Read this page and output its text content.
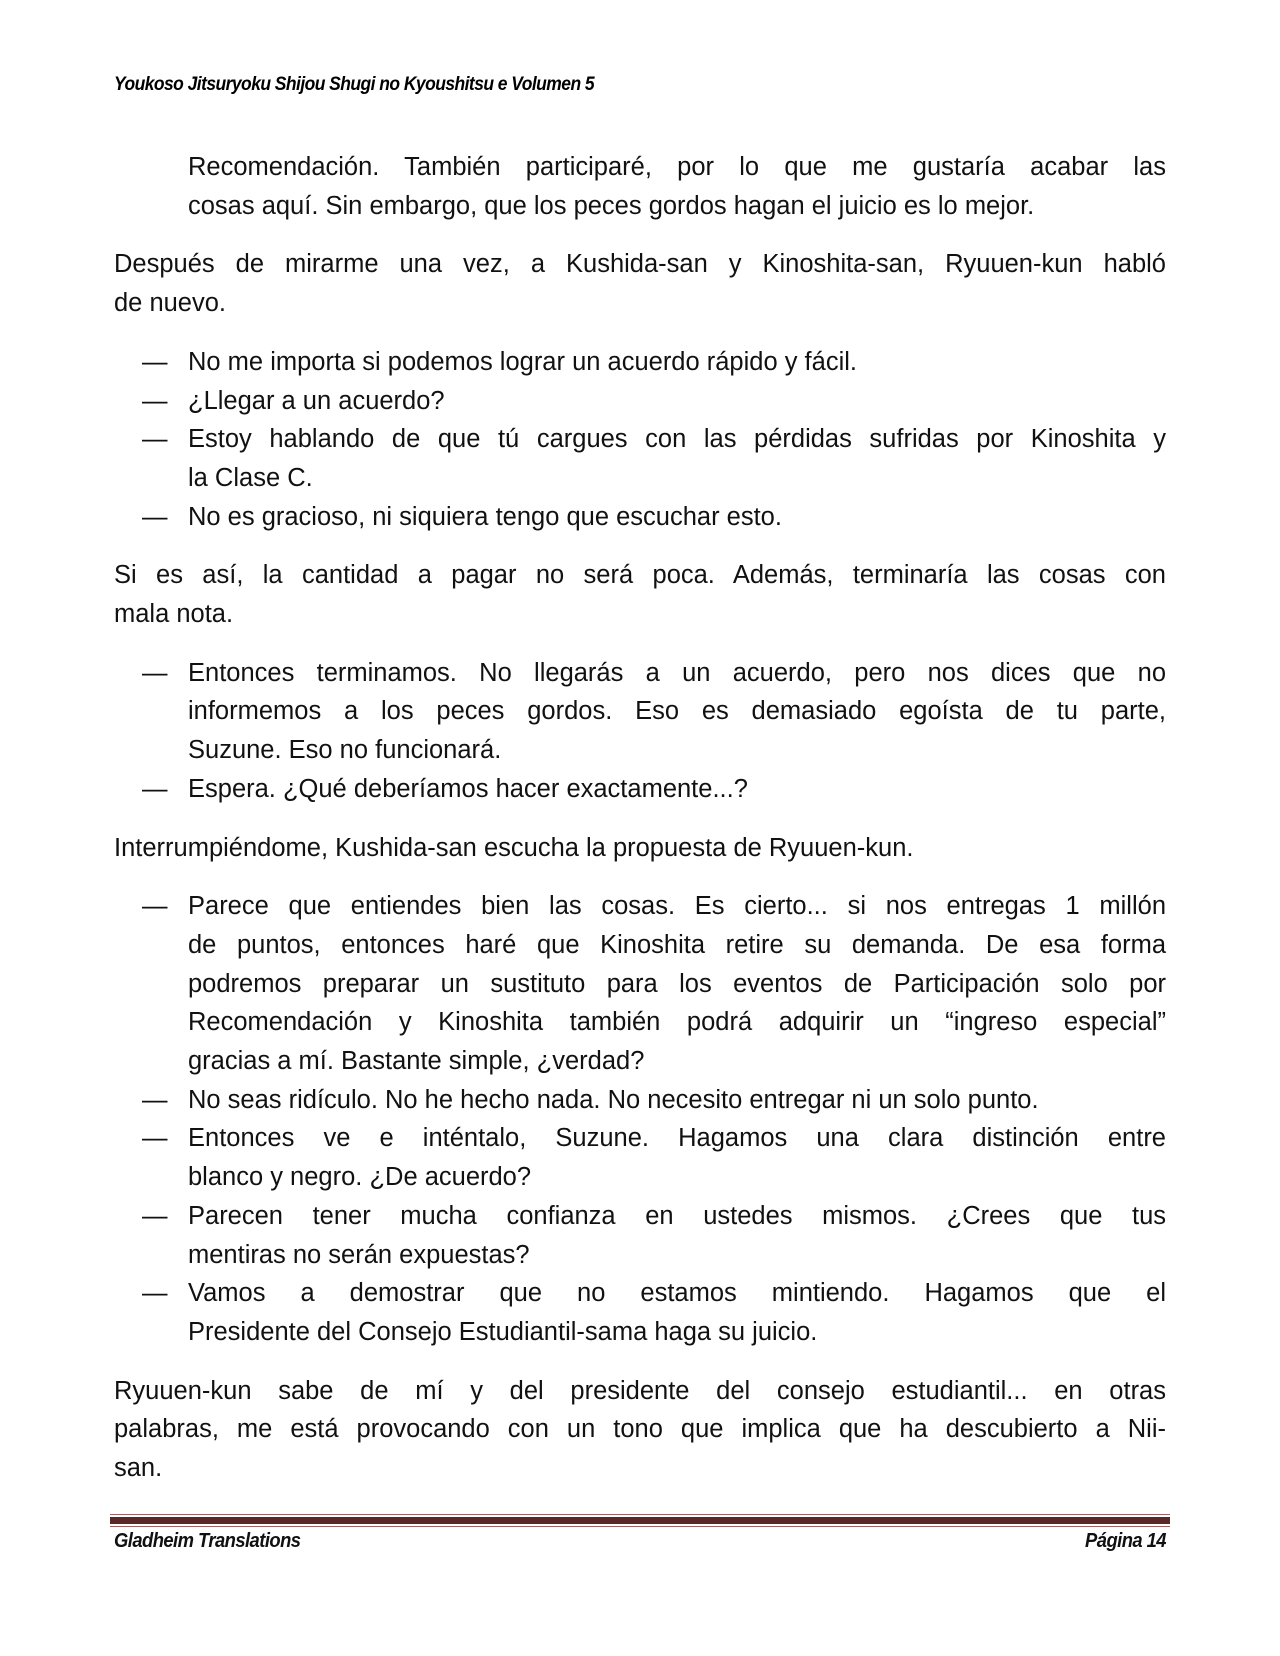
Youkoso Jitsuryoku Shijou Shugi no Kyoushitsu e Volumen 5
Recomendación. También participaré, por lo que me gustaría acabar las
cosas aquí. Sin embargo, que los peces gordos hagan el juicio es lo mejor.
Después de mirarme una vez, a Kushida-san y Kinoshita-san, Ryuuen-kun habló
de nuevo.
— No me importa si podemos lograr un acuerdo rápido y fácil.
— ¿Llegar a un acuerdo?
— Estoy hablando de que tú cargues con las pérdidas sufridas por Kinoshita y
la Clase C.
— No es gracioso, ni siquiera tengo que escuchar esto.
Si es así, la cantidad a pagar no será poca. Además, terminaría las cosas con
mala nota.
— Entonces terminamos. No llegarás a un acuerdo, pero nos dices que no
informemos a los peces gordos. Eso es demasiado egoísta de tu parte,
Suzune. Eso no funcionará.
— Espera. ¿Qué deberíamos hacer exactamente...?
Interrumpiéndome, Kushida-san escucha la propuesta de Ryuuen-kun.
— Parece que entiendes bien las cosas. Es cierto... si nos entregas 1 millón
de puntos, entonces haré que Kinoshita retire su demanda. De esa forma
podremos preparar un sustituto para los eventos de Participación solo por
Recomendación y Kinoshita también podrá adquirir un “ingreso especial”
gracias a mí. Bastante simple, ¿verdad?
— No seas ridículo. No he hecho nada. No necesito entregar ni un solo punto.
— Entonces ve e inténtalo, Suzune. Hagamos una clara distinción entre
blanco y negro. ¿De acuerdo?
— Parecen tener mucha confianza en ustedes mismos. ¿Crees que tus
mentiras no serán expuestas?
— Vamos a demostrar que no estamos mintiendo. Hagamos que el
Presidente del Consejo Estudiantil-sama haga su juicio.
Ryuuen-kun sabe de mí y del presidente del consejo estudiantil... en otras
palabras, me está provocando con un tono que implica que ha descubierto a Nii-
san.
Gladheim Translations	Página 14
